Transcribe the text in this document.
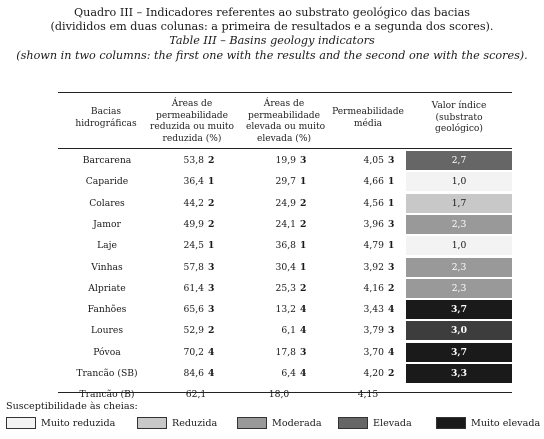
Quadro III – Indicadores referentes ao substrato geológico das bacias
(divididos em duas colunas: a primeira de resultados e a segunda dos scores).
Table III – Basins geology indicators
(shown in two columns: the first one with the results and the second one with the scores).
Bacias
hidrográficas
Áreas de
permeabilidade
reduzida ou muito
reduzida (%)
Áreas de
permeabilidade
elevada ou muito
elevada (%)
Permeabilidade
média
Valor índice
(substrato
geológico)
Barcarena	53,8 2	19,9 3	4,05 3	2,7
Caparide	36,4 1	29,7 1	4,66 1	1,0
Colares	44,2 2	24,9 2	4,56 1	1,7
Jamor	49,9 2	24,1 2	3,96 3	2,3
Laje	24,5 1	36,8 1	4,79 1	1,0
Vinhas	57,8 3	30,4 1	3,92 3	2,3
Alpriate	61,4 3	25,3 2	4,16 2	2,3
Fanhões	65,6 3	13,2 4	3,43 4	3,7
Loures	52,9 2	6,1 4	3,79 3	3,0
Póvoa	70,2 4	17,8 3	3,70 4	3,7
Trancão (SB)	84,6 4	6,4 4	4,20 2	3,3
Trancão (B)	62,1	18,0	4,15
Susceptibilidade às cheias:
Muito reduzida	Reduzida	Moderada	Elevada	Muito elevada
